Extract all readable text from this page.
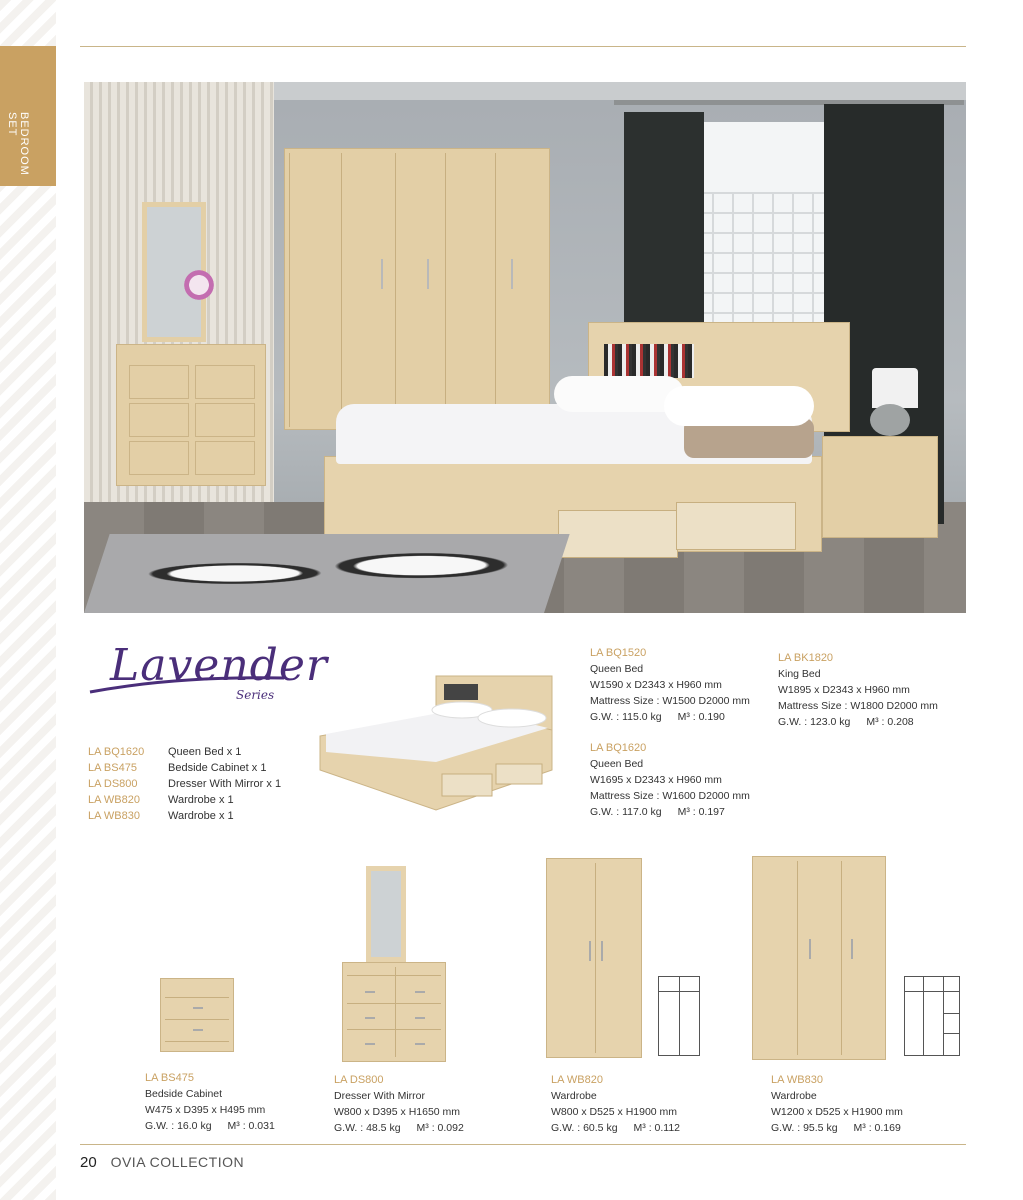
BEDROOM SET
Lavender
Series
LA BQ1620	Queen Bed x 1
LA BS475	Bedside Cabinet x 1
LA DS800	Dresser With Mirror x 1
LA WB820	Wardrobe x 1
LA WB830	Wardrobe x 1
LA BQ1520
Queen Bed
W1590 x D2343 x H960 mm
Mattress Size : W1500 D2000 mm
G.W. : 115.0 kg M³ : 0.190
LA BK1820
King Bed
W1895 x D2343 x H960 mm
Mattress Size : W1800 D2000 mm
G.W. : 123.0 kg M³ : 0.208
LA BQ1620
Queen Bed
W1695 x D2343 x H960 mm
Mattress Size : W1600 D2000 mm
G.W. : 117.0 kg M³ : 0.197
LA BS475
Bedside Cabinet
W475 x D395 x H495 mm
G.W. : 16.0 kg M³ : 0.031
LA DS800
Dresser With Mirror
W800 x D395 x H1650 mm
G.W. : 48.5 kg M³ : 0.092
LA WB820
Wardrobe
W800 x D525 x H1900 mm
G.W. : 60.5 kg M³ : 0.112
LA WB830
Wardrobe
W1200 x D525 x H1900 mm
G.W. : 95.5 kg M³ : 0.169
20 OVIA COLLECTION
